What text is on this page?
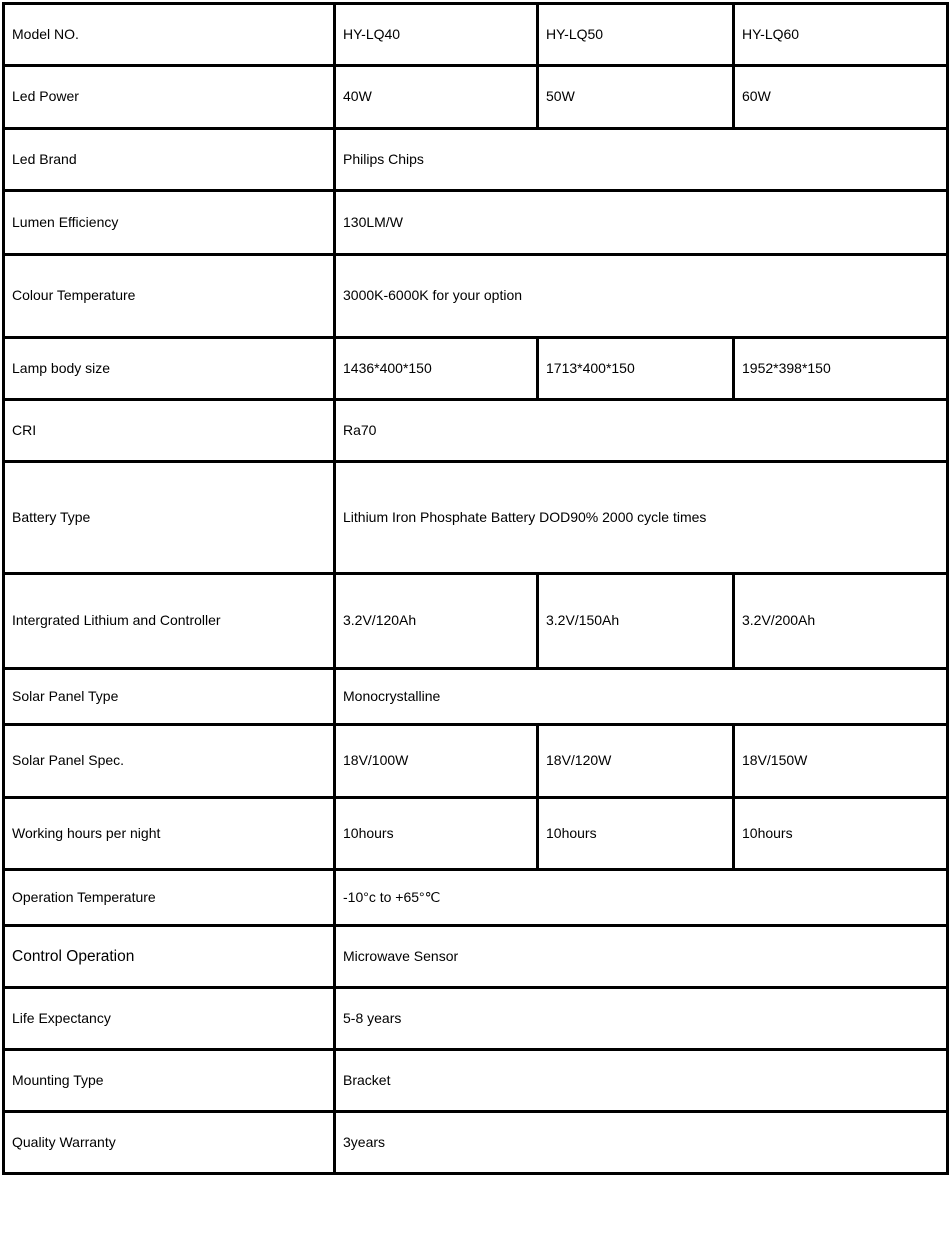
Model NO.	HY-LQ40	HY-LQ50	HY-LQ60
Led Power	40W	50W	60W
Led Brand	Philips Chips		
Lumen Efficiency	130LM/W		
Colour Temperature	3000K-6000K for your option		
Lamp body size	1436*400*150	1713*400*150	1952*398*150
CRI	Ra70		
Battery Type	Lithium Iron Phosphate Battery DOD90% 2000 cycle times		
Intergrated Lithium and Controller	3.2V/120Ah	3.2V/150Ah	3.2V/200Ah
Solar Panel Type	Monocrystalline		
Solar Panel Spec.	18V/100W	18V/120W	18V/150W
Working hours per night	10hours	10hours	10hours
Operation Temperature	-10°c to +65°℃		
Control Operation	Microwave Sensor		
Life Expectancy	5-8 years		
Mounting Type	Bracket		
Quality Warranty	3years		
